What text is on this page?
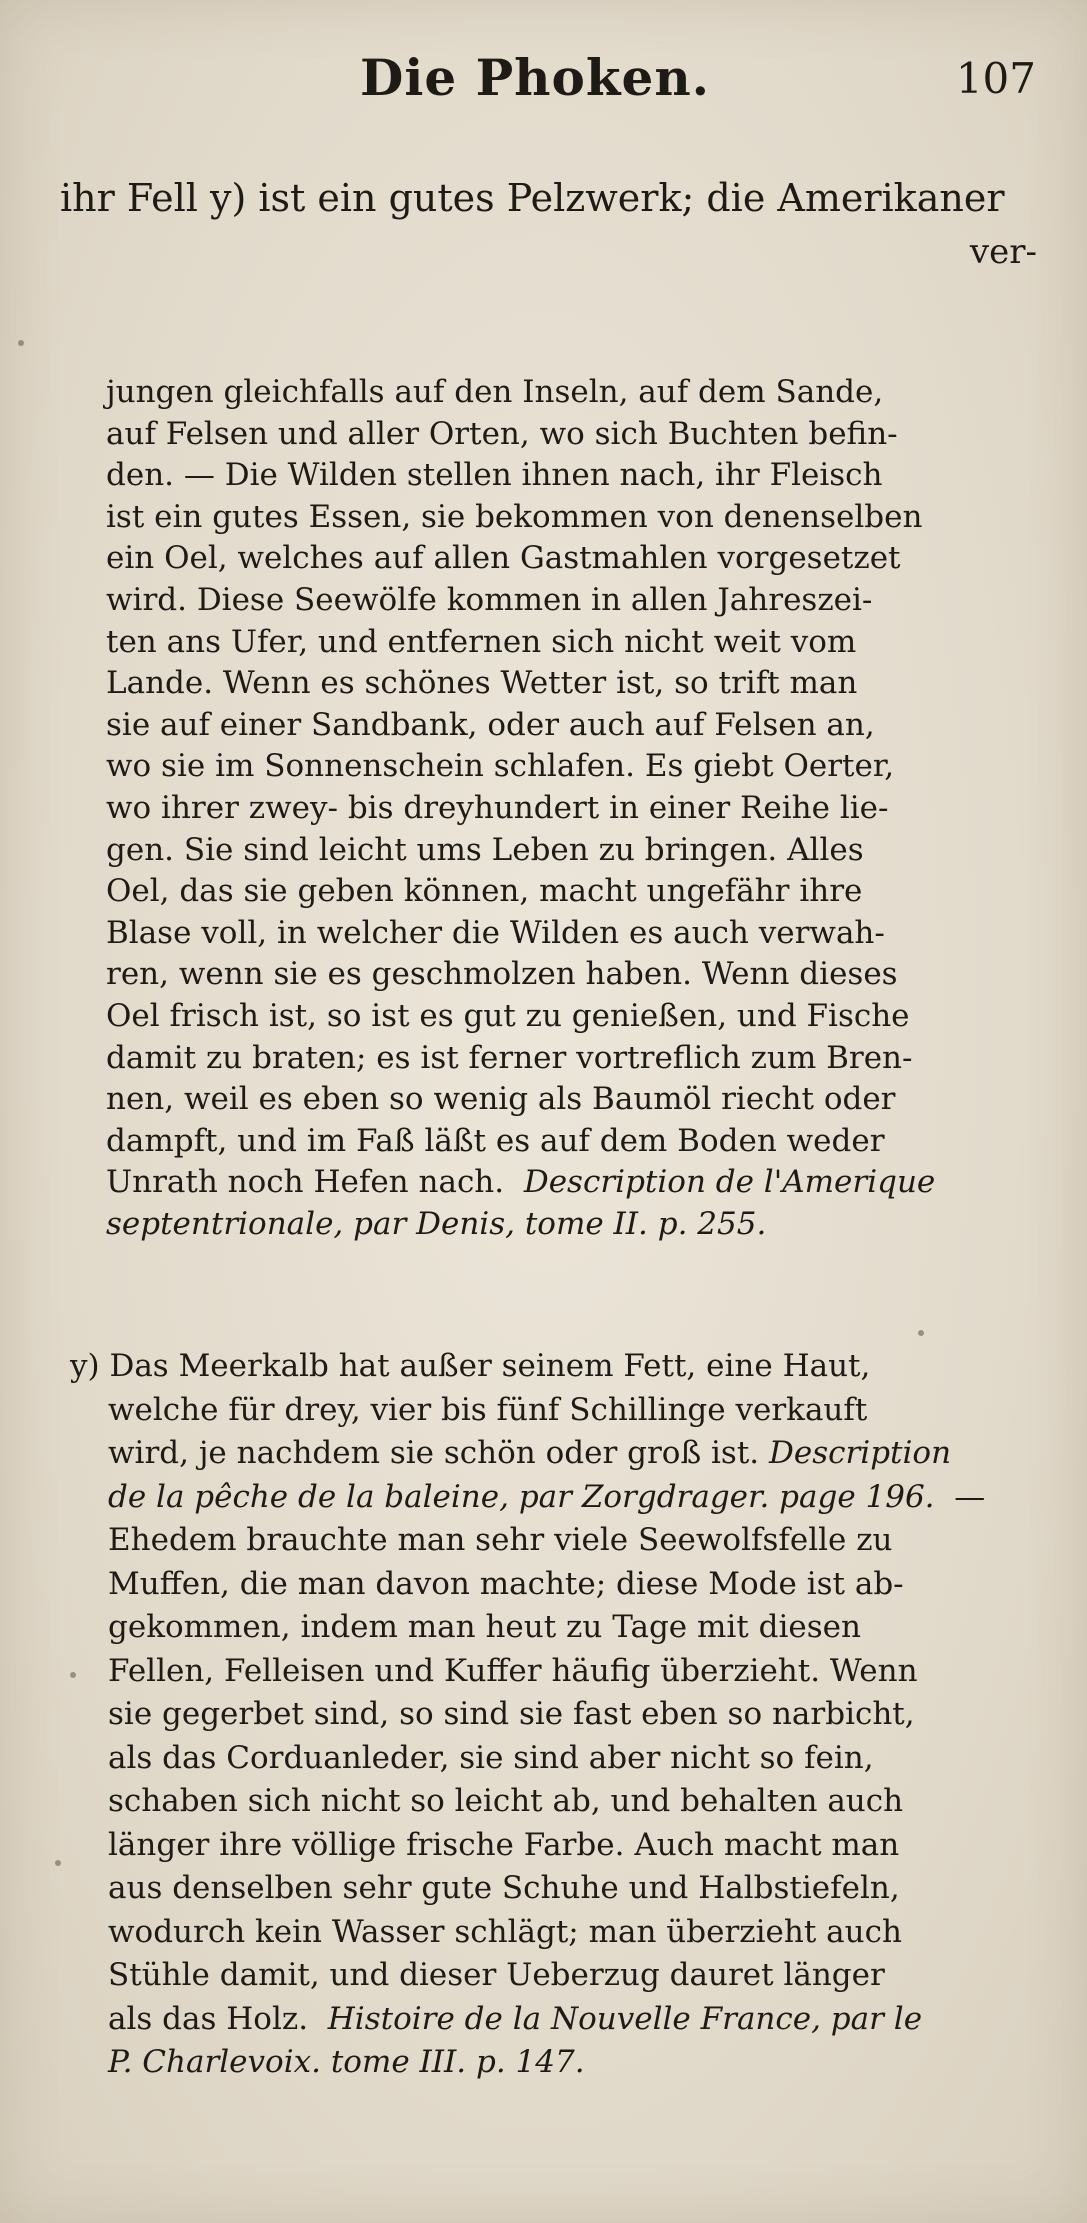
Die Phoken.	107
ihr Fell y) ist ein gutes Pelzwerk; die Amerikaner
ver-
jungen gleichfalls auf den Inseln, auf dem Sande,
auf Felsen und aller Orten, wo sich Buchten befin-
den. — Die Wilden stellen ihnen nach, ihr Fleisch
ist ein gutes Essen, sie bekommen von denenselben
ein Oel, welches auf allen Gastmahlen vorgesetzet
wird. Diese Seewölfe kommen in allen Jahreszei-
ten ans Ufer, und entfernen sich nicht weit vom
Lande. Wenn es schönes Wetter ist, so trift man
sie auf einer Sandbank, oder auch auf Felsen an,
wo sie im Sonnenschein schlafen. Es giebt Oerter,
wo ihrer zwey- bis dreyhundert in einer Reihe lie-
gen. Sie sind leicht ums Leben zu bringen. Alles
Oel, das sie geben können, macht ungefähr ihre
Blase voll, in welcher die Wilden es auch verwah-
ren, wenn sie es geschmolzen haben. Wenn dieses
Oel frisch ist, so ist es gut zu genießen, und Fische
damit zu braten; es ist ferner vortreflich zum Bren-
nen, weil es eben so wenig als Baumöl riecht oder
dampft, und im Faß läßt es auf dem Boden weder
Unrath noch Hefen nach. Description de l'Amerique
septentrionale, par Denis, tome II. p. 255.
y) Das Meerkalb hat außer seinem Fett, eine Haut,
welche für drey, vier bis fünf Schillinge verkauft
wird, je nachdem sie schön oder groß ist. Description
de la pêche de la baleine, par Zorgdrager. page 196. —
Ehedem brauchte man sehr viele Seewolfsfelle zu
Muffen, die man davon machte; diese Mode ist ab-
gekommen, indem man heut zu Tage mit diesen
Fellen, Felleisen und Kuffer häufig überzieht. Wenn
sie gegerbet sind, so sind sie fast eben so narbicht,
als das Corduanleder, sie sind aber nicht so fein,
schaben sich nicht so leicht ab, und behalten auch
länger ihre völlige frische Farbe. Auch macht man
aus denselben sehr gute Schuhe und Halbstiefeln,
wodurch kein Wasser schlägt; man überzieht auch
Stühle damit, und dieser Ueberzug dauret länger
als das Holz. Histoire de la Nouvelle France, par le
P. Charlevoix. tome III. p. 147.
